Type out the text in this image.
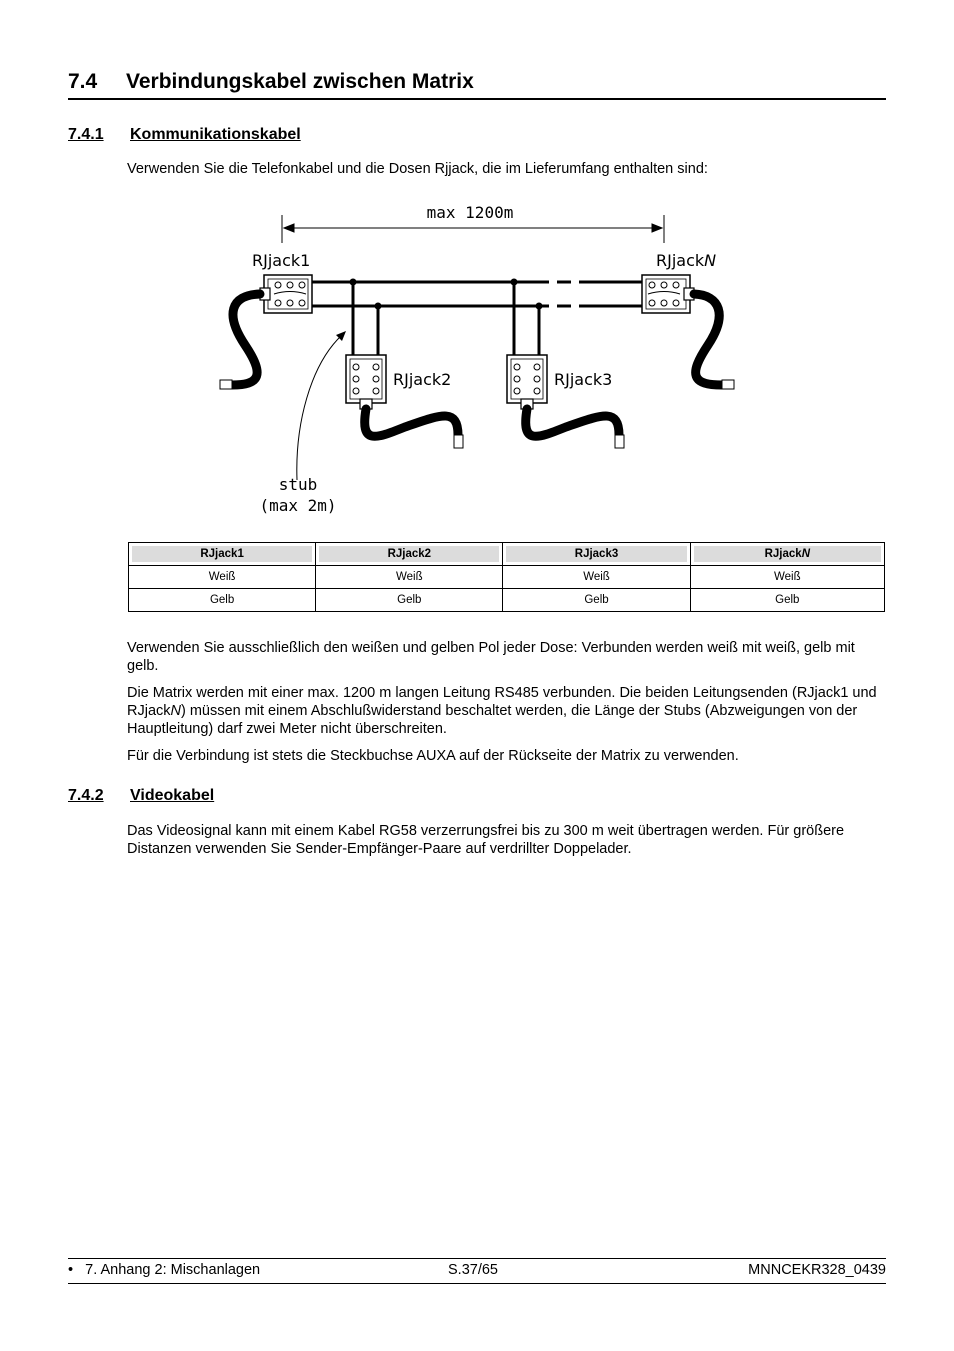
7.4 Verbindungskabel zwischen Matrix
7.4.1 Kommunikationskabel
Verwenden Sie die Telefonkabel und die Dosen Rjjack, die im Lieferumfang enthalten sind:
max 1200m
RJjack1	RJjackN
RJjack2	RJjack3
stub
(max 2m)
RJjack1	RJjack2	RJjack3	RJjackN

Weiß	Weiß	Weiß	Weiß
Gelb	Gelb	Gelb	Gelb
Verwenden Sie ausschließlich den weißen und gelben Pol jeder Dose: Verbunden werden weiß mit weiß, gelb mit gelb.
Die Matrix werden mit einer max. 1200 m langen Leitung RS485 verbunden. Die beiden Leitungsenden (RJjack1 und RJjackN) müssen mit einem Abschlußwiderstand beschaltet werden, die Länge der Stubs (Abzweigungen von der Hauptleitung) darf zwei Meter nicht überschreiten.
Für die Verbindung ist stets die Steckbuchse AUXA auf der Rückseite der Matrix zu verwenden.
7.4.2 Videokabel
Das Videosignal kann mit einem Kabel RG58 verzerrungsfrei bis zu 300 m weit übertragen werden. Für größere Distanzen verwenden Sie Sender-Empfänger-Paare auf verdrillter Doppelader.
• 7. Anhang 2: Mischanlagen	S.37/65	MNNCEKR328_0439
